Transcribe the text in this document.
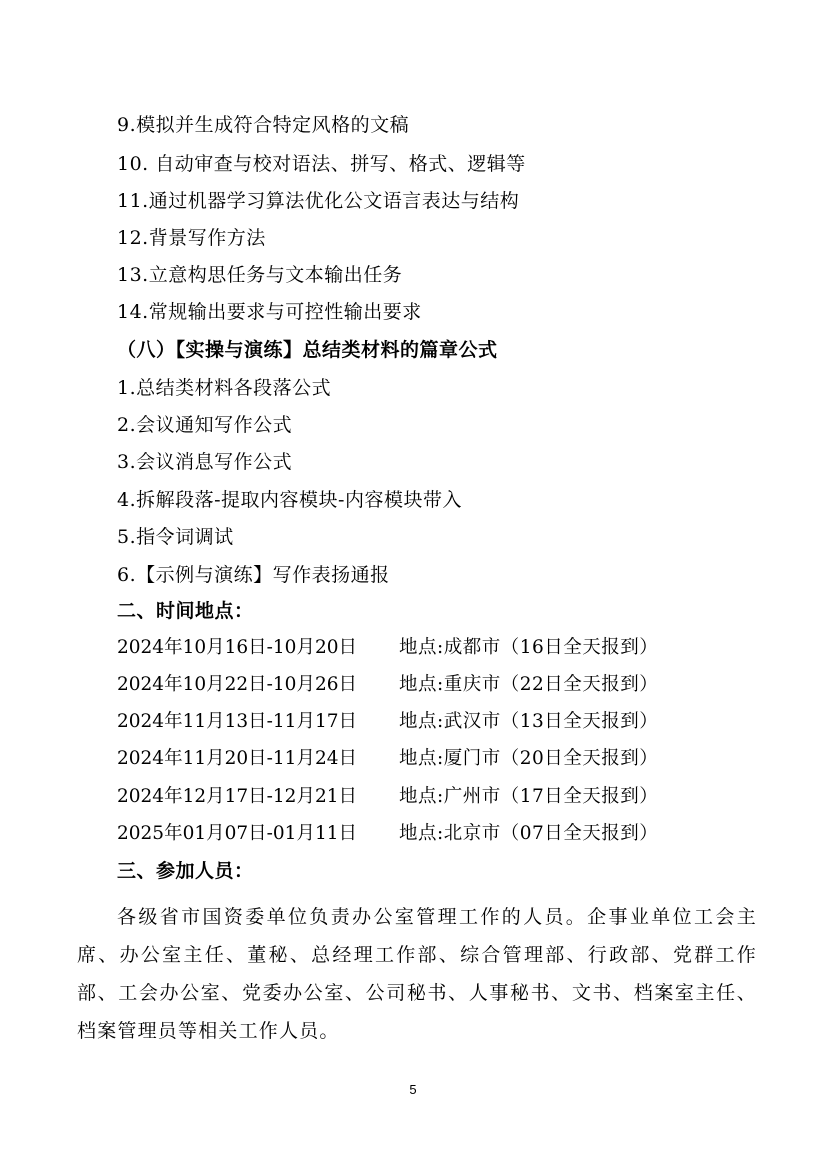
9.模拟并生成符合特定风格的文稿
10. 自动审查与校对语法、拼写、格式、逻辑等
11.通过机器学习算法优化公文语言表达与结构
12.背景写作方法
13.立意构思任务与文本输出任务
14.常规输出要求与可控性输出要求
（八）【实操与演练】总结类材料的篇章公式
1.总结类材料各段落公式
2.会议通知写作公式
3.会议消息写作公式
4.拆解段落-提取内容模块-内容模块带入
5.指令词调试
6.【示例与演练】写作表扬通报
二、时间地点：
2024年10月16日-10月20日 地点:成都市（16日全天报到）
2024年10月22日-10月26日 地点:重庆市（22日全天报到）
2024年11月13日-11月17日 地点:武汉市（13日全天报到）
2024年11月20日-11月24日 地点:厦门市（20日全天报到）
2024年12月17日-12月21日 地点:广州市（17日全天报到）
2025年01月07日-01月11日 地点:北京市（07日全天报到）
三、参加人员：
各级省市国资委单位负责办公室管理工作的人员。企事业单位工会主席、办公室主任、董秘、总经理工作部、综合管理部、行政部、党群工作部、工会办公室、党委办公室、公司秘书、人事秘书、文书、档案室主任、档案管理员等相关工作人员。
5
